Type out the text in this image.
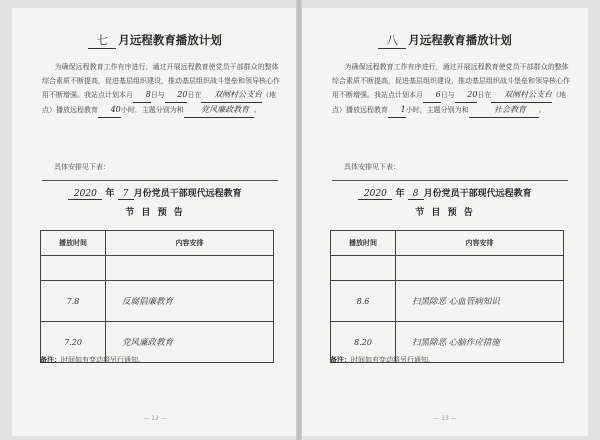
七 月远程教育播放计划
为确保远程教育工作有序进行，通过开展远程教育使党员干部群众的整体综合素质不断提高，促进基层组织建设，推动基层组织战斗堡垒和领导核心作用不断增强。我站点计划本月 8日与 20日在 双闸村公支台（地点）播放远程教育 40小时，主题分别为和 党风廉政教育 。
具体安排见下表：
2020 年 7 月份党员干部现代远程教育
节 目 预 告
播放时间	内容安排

7.8	反腐倡廉教育
7.20	党风廉政教育
备注：时间如有变动将另行通知。
— 12 —
八 月远程教育播放计划
为确保远程教育工作有序进行，通过开展远程教育使党员干部群众的整体综合素质不断提高，促进基层组织建设，推动基层组织战斗堡垒和领导核心作用不断增强。我站点计划本月 6日与 20日在 双闸村公支台（地点）播放远程教育 1小时，主题分别为和	社会教育 。
具体安排见下表：
2020 年 8 月份党员干部现代远程教育
节 目 预 告
播放时间	内容安排

8.6	扫黑除恶 心血管病知识
8.20	扫黑除恶 心脑作应措施
备注：时间如有变动将另行通知。
— 13 —
